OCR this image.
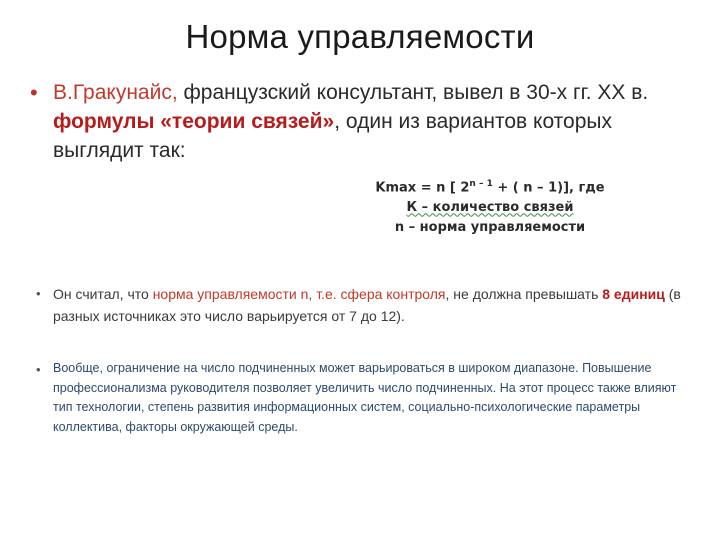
Норма управляемости
• В.Гракунайс, французский консультант, вывел в 30-х гг. XX в. формулы «теории связей», один из вариантов которых выглядит так:
Kmax = n [ $2^{n - 1}$ + ( n – 1)], где
К – количество связей
n – норма управляемости
• Он считал, что норма управляемости n, т.е. сфера контроля, не должна превышать 8 единиц (в разных источниках это число варьируется от 7 до 12).
• Вообще, ограничение на число подчиненных может варьироваться в широком диапазоне. Повышение профессионализма руководителя позволяет увеличить число подчиненных. На этот процесс также влияют тип технологии, степень развития информационных систем, социально-психологические параметры коллектива, факторы окружающей среды.
